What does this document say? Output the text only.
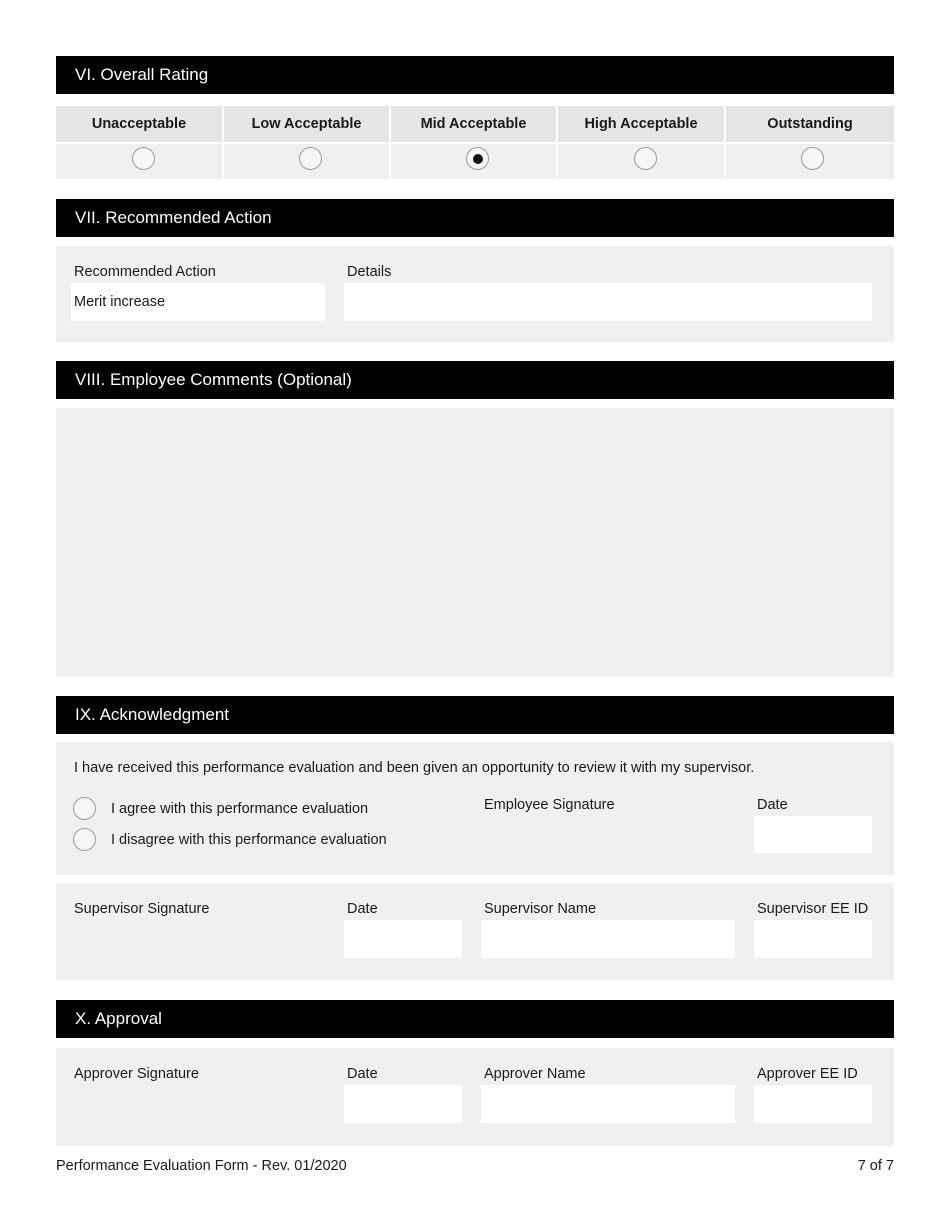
VI. Overall Rating
Unacceptable	Low Acceptable	Mid Acceptable	High Acceptable	Outstanding
VII. Recommended Action
Recommended Action
Merit increase
Details
VIII. Employee Comments (Optional)
IX. Acknowledgment
I have received this performance evaluation and been given an opportunity to review it with my supervisor.
I agree with this performance evaluation
I disagree with this performance evaluation
Employee Signature	Date
Supervisor Signature	Date	Supervisor Name	Supervisor EE ID
X. Approval
Approver Signature	Date	Approver Name	Approver EE ID
Performance Evaluation Form - Rev. 01/2020	7 of 7
